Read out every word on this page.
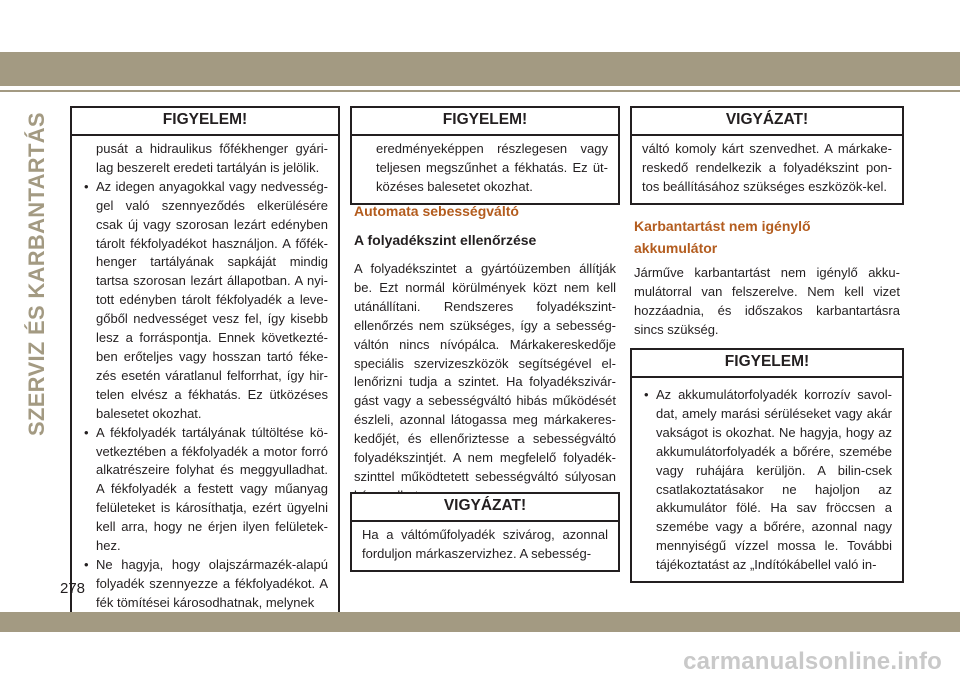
SZERVIZ ÉS KARBANTARTÁS	FIGYELEM!

pusát a hidraulikus főfékhenger gyári-lag beszerelt eredeti tartályán is jelölik.

• Az idegen anyagokkal vagy nedvesség-gel való szennyeződés elkerülésére csak új vagy szorosan lezárt edényben tárolt fékfolyadékot használjon. A főfék-henger tartályának sapkáját mindig tartsa szorosan lezárt állapotban. A nyi-tott edényben tárolt fékfolyadék a leve-gőből nedvességet vesz fel, így kisebb lesz a forráspontja. Ennek következté-ben erőteljes vagy hosszan tartó féke-zés esetén váratlanul felforrhat, így hir-telen elvész a fékhatás. Ez ütközéses balesetet okozhat.
• A fékfolyadék tartályának túltöltése kö-vetkeztében a fékfolyadék a motor forró alkatrészeire folyhat és meggyulladhat. A fékfolyadék a festett vagy műanyag felületeket is károsíthatja, ezért ügyelni kell arra, hogy ne érjen ilyen felületek-hez.
• Ne hagyja, hogy olajszármazék-alapú folyadék szennyezze a fékfolyadékot. A fék tömítései károsodhatnak, melynek
FIGYELEM!

eredményeképpen részlegesen vagy teljesen megszűnhet a fékhatás. Ez üt-közéses balesetet okozhat.

Automata sebességváltó
A folyadékszint ellenőrzése
A folyadékszintet a gyártóüzemben állítják be. Ezt normál körülmények közt nem kell utánállítani. Rendszeres folyadékszint-ellenőrzés nem szükséges, így a sebesség-váltón nincs nívópálca. Márkakereskedője speciális szervizeszközök segítségével el-lenőrizni tudja a szintet. Ha folyadékszivár-gást vagy a sebességváltó hibás működését észleli, azonnal látogassa meg márkakeres-kedőjét, és ellenőriztesse a sebességváltó folyadékszintjét. A nem megfelelő folyadék-szinttel működtetett sebességváltó súlyosan
VIGYÁZAT!

Ha a váltóműfolyadék szivárog, azonnal forduljon márkaszervizhez. A sebesség-

VIGYÁZAT!

váltó komoly kárt szenvedhet. A márkake-reskedő rendelkezik a folyadékszint pon-tos beállításához szükséges eszközök-kel.

Karbantartást nem igénylő akkumulátor
Járműve karbantartást nem igénylő akku-mulátorral van felszerelve. Nem kell vizet hozzáadnia, és időszakos karbantartásra sincs szükség.
FIGYELEM!
• Az akkumulátorfolyadék korrozív savol-dat, amely marási sérüléseket vagy akár vakságot is okozhat. Ne hagyja, hogy az akkumulátorfolyadék a bőrére, szemébe vagy ruhájára kerüljön. A bilin-csek csatlakoztatásakor ne hajoljon az akkumulátor fölé. Ha sav fröccsen a szemébe vagy a bőrére, azonnal nagy mennyiségű vízzel mossa le. További tájékoztatást az „Indítókábellel való in-
278
carmanualsonline.info
